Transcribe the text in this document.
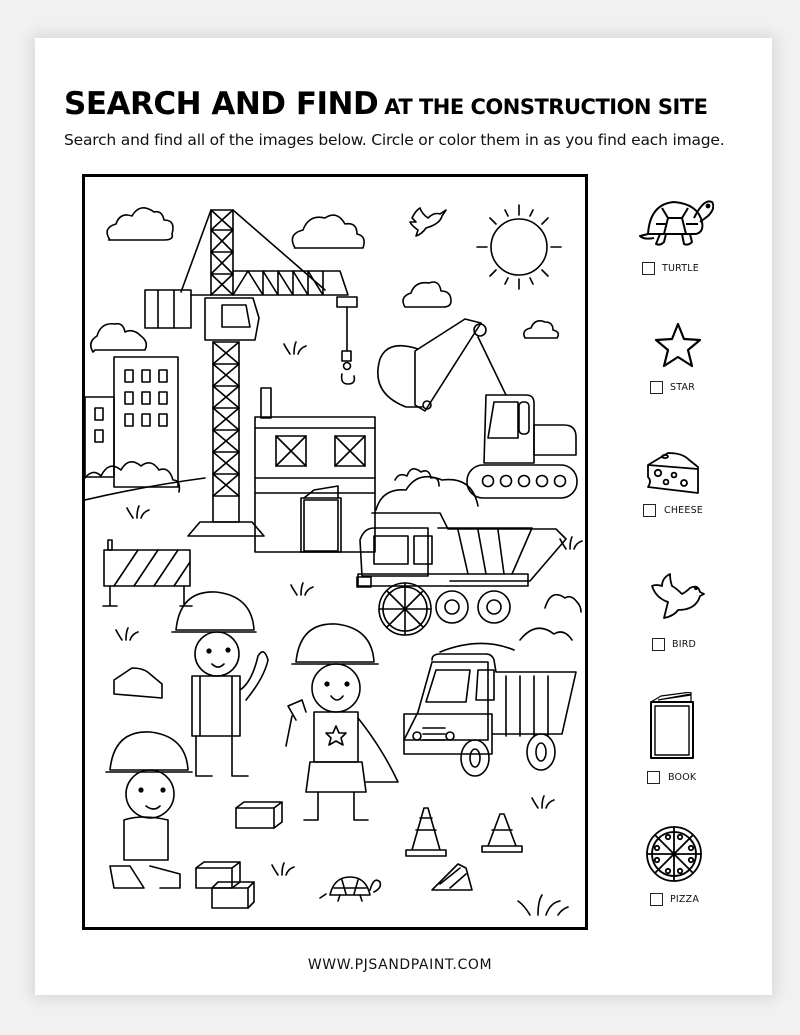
SEARCH AND FIND AT THE CONSTRUCTION SITE
Search and find all of the images below. Circle or color them in as you find each image.
TURTLE
STAR
CHEESE
BIRD
BOOK
PIZZA
WWW.PJSANDPAINT.COM
